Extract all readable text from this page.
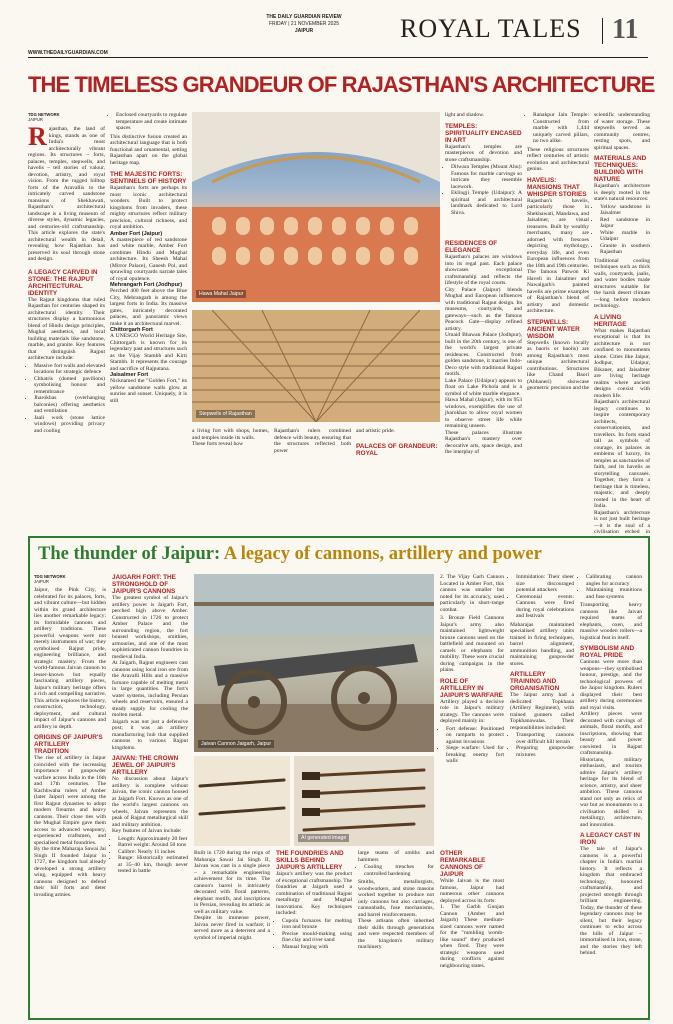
THE DAILY GUARDIAN REVIEW
FRIDAY | 21 NOVEMBER 2025
JAIPUR	ROYAL TALES 11
WWW.THEDAILYGUARDIAN.COM
THE TIMELESS GRANDEUR OF RAJASTHAN'S ARCHITECTURE
TDG NETWORK
JAIPUR
Rajasthan, the land of kings, stands as one of India's most architecturally vibrant regions. Its structures – forts, palaces, temples, stepwells, and havelis – tell stories of valour, devotion, artistry, and royal vision. From the rugged hilltop forts of the Aravallis to the intricately carved sandstone mansions of Shekhawati, Rajasthan's architectural landscape is a living museum of diverse styles, dynamic legacies, and centuries-old craftsmanship. This article explores the state's architectural wealth in detail, revealing how Rajasthan has preserved its soul through stone and design.
A LEGACY CARVED IN STONE: THE RAJPUT ARCHITECTURAL IDENTITY
The Rajput kingdoms that ruled Rajasthan for centuries shaped its architectural identity. Their structures display a harmonious blend of Hindu design principles, Mughal aesthetics, and local building materials like sandstone, marble, and granite. Key features that distinguish Rajput architecture include:
• Massive fort walls and elevated locations for strategic defence
• Chhatris (domed pavilions) symbolising honour and remembrance
• Jharokhas (overhanging balconies) offering aesthetics and ventilation
• Jaali work (stone lattice windows) providing privacy and cooling
• Enclosed courtyards to regulate temperature and create intimate spaces
This distinctive fusion created an architectural language that is both functional and ornamental, setting Rajasthan apart on the global heritage map.
THE MAJESTIC FORTS: SENTINELS OF HISTORY
Rajasthan's forts are perhaps its most iconic architectural wonders. Built to protect kingdoms from invaders, these mighty structures reflect military precision, cultural richness, and royal ambition.
Amber Fort (Jaipur)
A masterpiece of red sandstone and white marble, Amber Fort combines Hindu and Mughal architecture. Its Sheesh Mahal (Mirror Palace), Ganesh Pol, and sprawling courtyards narrate tales of royal opulence.
Mehrangarh Fort (Jodhpur)
Perched 400 feet above the Blue City, Mehrangarh is among the largest forts in India. Its massive gates, intricately decorated palaces, and panoramic views make it an architectural marvel.
Chittorgarh Fort
A UNESCO World Heritage Site, Chittorgarh is known for its legendary past and structures such as the Vijay Stambh and Kirti Stambh. It represents the courage and sacrifice of Rajputana.
Jaisalmer Fort
Nicknamed the "Golden Fort," its yellow sandstone walls glow at sunrise and sunset. Uniquely, it is still
Hawa Mahal Jaipur
Stepwells of Rajasthan
a living fort with shops, homes, and temples inside its walls.
These forts reveal how
Rajasthan's rulers combined defence with beauty, ensuring that the structures reflected both power
and artistic pride.
PALACES OF GRANDEUR: ROYAL
RESIDENCES OF ELEGANCE
Rajasthan's palaces are windows into its regal past. Each palace showcases exceptional craftsmanship and reflects the lifestyle of the royal courts.
City Palace (Jaipur) blends Mughal and European influences with traditional Rajput design. Its museums, courtyards, and gateways—such as the famous Peacock Gate—display refined artistry.
Umaid Bhawan Palace (Jodhpur), built in the 20th century, is one of the world's largest private residences. Constructed from golden sandstone, it marries Indo-Deco style with traditional Rajput motifs.
Lake Palace (Udaipur) appears to float on Lake Pichola and is a symbol of white marble elegance.
Hawa Mahal (Jaipur), with its 953 windows, exemplifies the use of jharokhas to allow royal women to observe street life while remaining unseen.
These palaces illustrate Rajasthan's mastery over decorative arts, space design, and the interplay of
light and shadow.
TEMPLES: SPIRITUALITY ENCASED IN ART
Rajasthan's temples are masterpieces of devotion and stone craftsmanship.
• Dilwara Temples (Mount Abu): Famous for marble carvings so intricate they resemble lacework.
• Eklingji Temple (Udaipur): A spiritual and architectural landmark dedicated to Lord Shiva.
• Ranakpur Jain Temple: Constructed from marble with 1,444 uniquely carved pillars, no two alike.
These religious structures reflect centuries of artistic evolution and architectural genius.
HAVELIS: MANSIONS THAT WHISPER STORIES
Rajasthan's havelis, particularly those in Shekhawati, Mandawa, and Jaisalmer, are visual treasures. Built by wealthy merchants, many are adorned with frescoes depicting mythology, everyday life, and even European influences from the 18th and 19th centuries.
The famous Patwon Ki Haveli in Jaisalmer and Nawalgarh's painted havelis are prime examples of Rajasthan's blend of artistry and domestic architecture.
STEPWELLS: ANCIENT WATER WISDOM
Stepwells (known locally as baoris or baolis) are among Rajasthan's most unique architectural contributions. Structures like Chand Baori (Abhaneri) showcase geometric precision and the
scientific understanding of water storage. These stepwells served as community centres, resting spots, and spiritual spaces.
MATERIALS AND TECHNIQUES: BUILDING WITH NATURE
Rajasthan's architecture is deeply rooted in the state's natural resources:
• Yellow sandstone in Jaisalmer
• Red sandstone in Jaipur
• White marble in Udaipur
• Granite in southern Rajasthan
Traditional cooling techniques such as thick walls, courtyards, jaalis, and water bodies made structures suitable for the harsh desert climate—long before modern technology.
A LIVING HERITAGE
What makes Rajasthan exceptional is that its architecture is not confined to monuments alone. Cities like Jaipur, Jodhpur, Udaipur, Bikaner, and Jaisalmer are living heritage realms where ancient designs coexist with modern life.
Rajasthan's architectural legacy continues to inspire contemporary architects, conservationists, and travellers. Its forts stand tall as symbols of courage, its palaces as emblems of luxury, its temples as sanctuaries of faith, and its havelis as storytelling canvases. Together, they form a heritage that is timeless, majestic, and deeply rooted in the heart of India.
Rajasthan's architecture is not just built heritage—it is the soul of a civilisation etched in
The thunder of Jaipur: A legacy of cannons, artillery and power
TDG NETWORK
JAIPUR
Jaipur, the Pink City, is celebrated for its palaces, forts, and vibrant culture—but hidden within its grand architecture lies another remarkable legacy: its formidable cannons and artillery traditions. These powerful weapons were not merely instruments of war; they symbolised Rajput pride, engineering brilliance, and strategic mastery. From the world-famous Jaivan cannon to lesser-known but equally fascinating artillery pieces, Jaipur's military heritage offers a rich and compelling narrative. This article explores the history, construction, technology, deployment, and cultural impact of Jaipur's cannons and artillery in depth.
ORIGINS OF JAIPUR'S ARTILLERY TRADITION
The rise of artillery in Jaipur coincided with the increasing importance of gunpowder warfare across India in the 16th and 17th centuries. The Kachhwaha rulers of Amber (later Jaipur) were among the first Rajput dynasties to adopt modern firearms and heavy cannons. Their close ties with the Mughal Empire gave them access to advanced weaponry, experienced craftsmen, and specialised metal foundries.
By the time Maharaja Sawai Jai Singh II founded Jaipur in 1727, the kingdom had already developed a strong artillery wing, equipped with heavy cannons designed to defend their hill forts and deter invading armies.
JAIGARH FORT: THE STRONGHOLD OF JAIPUR'S CANNONS
The greatest symbol of Jaipur's artillery power is Jaigarh Fort, perched high above Amber. Constructed in 1726 to protect Amber Palace and the surrounding region, the fort housed workshops, smithies, armouries, and one of the most sophisticated cannon foundries in medieval India.
At Jaigarh, Rajput engineers cast cannons using local iron ore from the Aravalli Hills and a massive furnace capable of melting metal in large quantities. The fort's water systems, including Persian wheels and reservoirs, ensured a steady supply for cooling the molten metal.
Jaigarh was not just a defensive post; it was an artillery manufacturing hub that supplied cannons to various Rajput kingdoms.
JAIVAN: THE CROWN JEWEL OF JAIPUR'S ARTILLERY
No discussion about Jaipur's artillery is complete without Jaivan, the iconic cannon housed at Jaigarh Fort. Known as one of the world's largest cannons on wheels, Jaivan represents the peak of Rajput metallurgical skill and military ambition.
Key features of Jaivan include:
• Length: Approximately 20 feet
• Barrel weight: Around 50 tons
• Calibre: Nearly 11 inches
• Range: Historically estimated at 35–40 km, though never tested in battle
Jaivan Cannon Jaigarh, Jaipur
AI generated image
Built in 1720 during the reign of Maharaja Sawai Jai Singh II, Jaivan was cast in a single piece – a remarkable engineering achievement for its time. The cannon's barrel is intricately decorated with floral patterns, elephant motifs, and inscriptions in Persian, revealing its artistic as well as military value.
Despite its immense power, Jaivan never fired in warfare; it served more as a deterrent and a symbol of imperial might.
THE FOUNDRIES AND SKILLS BEHIND JAIPUR'S ARTILLERY
Jaipur's artillery was the product of exceptional craftsmanship. The foundries at Jaigarh used a combination of traditional Rajput metallurgy and Mughal innovations. Key techniques included:
• Cupola furnaces for melting iron and bronze
• Precise mould-making using fine clay and river sand
• Manual forging with
large teams of smiths and hammers
• Cooling trenches for controlled hardening
Smiths, metallurgists, woodworkers, and stone masons worked together to produce not only cannons but also carriages, cannonballs, fuse mechanisms, and barrel reinforcements.
These artisans often inherited their skills through generations and were respected members of the kingdom's military machinery.
2. The Vijay Garh Cannon Located in Amber Fort, this cannon was smaller but noted for its accuracy, used particularly in short-range combat.
3. Bronze Field Cannons Jaipur's army also maintained lightweight bronze cannons used on the battlefield and mounted on camels or elephants for mobility. These were crucial during campaigns in the plains.
ROLE OF ARTILLERY IN JAIPUR'S WARFARE
Artillery played a decisive role in Jaipur's military strategy. The cannons were deployed mainly in:
• Fort defense: Positioned on ramparts to protect against invasions
• Siege warfare: Used for breaking enemy fort walls
OTHER REMARKABLE CANNONS OF JAIPUR
While Jaivan is the most famous, Jaipur had numerous other cannons deployed across its forts:
1. The Garbh Gunjan Cannon (Amber and Jaigarh) These medium-sized cannons were named for the "rumbling womb-like sound" they produced when fired. They were strategic weapons used during conflicts against neighbouring states.
• Intimidation: Their sheer size discouraged potential attackers
• Ceremonial events: Cannons were fired during royal celebrations and festivals
Maharajas maintained specialised artillery units trained in firing techniques, barrel alignment, ammunition handling, and maintaining gunpowder stores.
ARTILLERY TRAINING AND ORGANISATION
The Jaipur army had a dedicated Topkhana (Artillery Regiment), with trained gunners called Topkhanawalas. Their responsibilities included:
• Transporting cannons over difficult hill terrain
• Preparing gunpowder mixtures
• Calibrating cannon angles for accuracy
• Maintaining munitions and fuse systems
Transporting heavy cannons like Jaivan required teams of elephants, oxen, and massive wooden rollers—a logistical feat in itself.
SYMBOLISM AND ROYAL PRIDE
Cannons were more than weapons—they symbolised honour, prestige, and the technological prowess of the Jaipur kingdom. Rulers displayed their best artillery during ceremonies and royal visits.
Artillery pieces were decorated with carvings of animals, floral motifs, and inscriptions, showing that beauty and power coexisted in Rajput craftsmanship.
Historians, military enthusiasts, and tourists admire Jaipur's artillery heritage for its blend of science, artistry, and sheer ambition. These cannons stand not only as relics of war but as monuments to a civilisation skilled in metallurgy, architecture, and innovation.
A LEGACY CAST IN IRON
The tale of Jaipur's cannons is a powerful chapter in India's martial history. It reflects a kingdom that embraced technology, honoured craftsmanship, and projected strength through brilliant engineering. Today, the thunder of these legendary cannons may be silent, but their legacy continues to echo across the hills of Jaipur – immortalised in iron, stone, and the stories they left behind.
